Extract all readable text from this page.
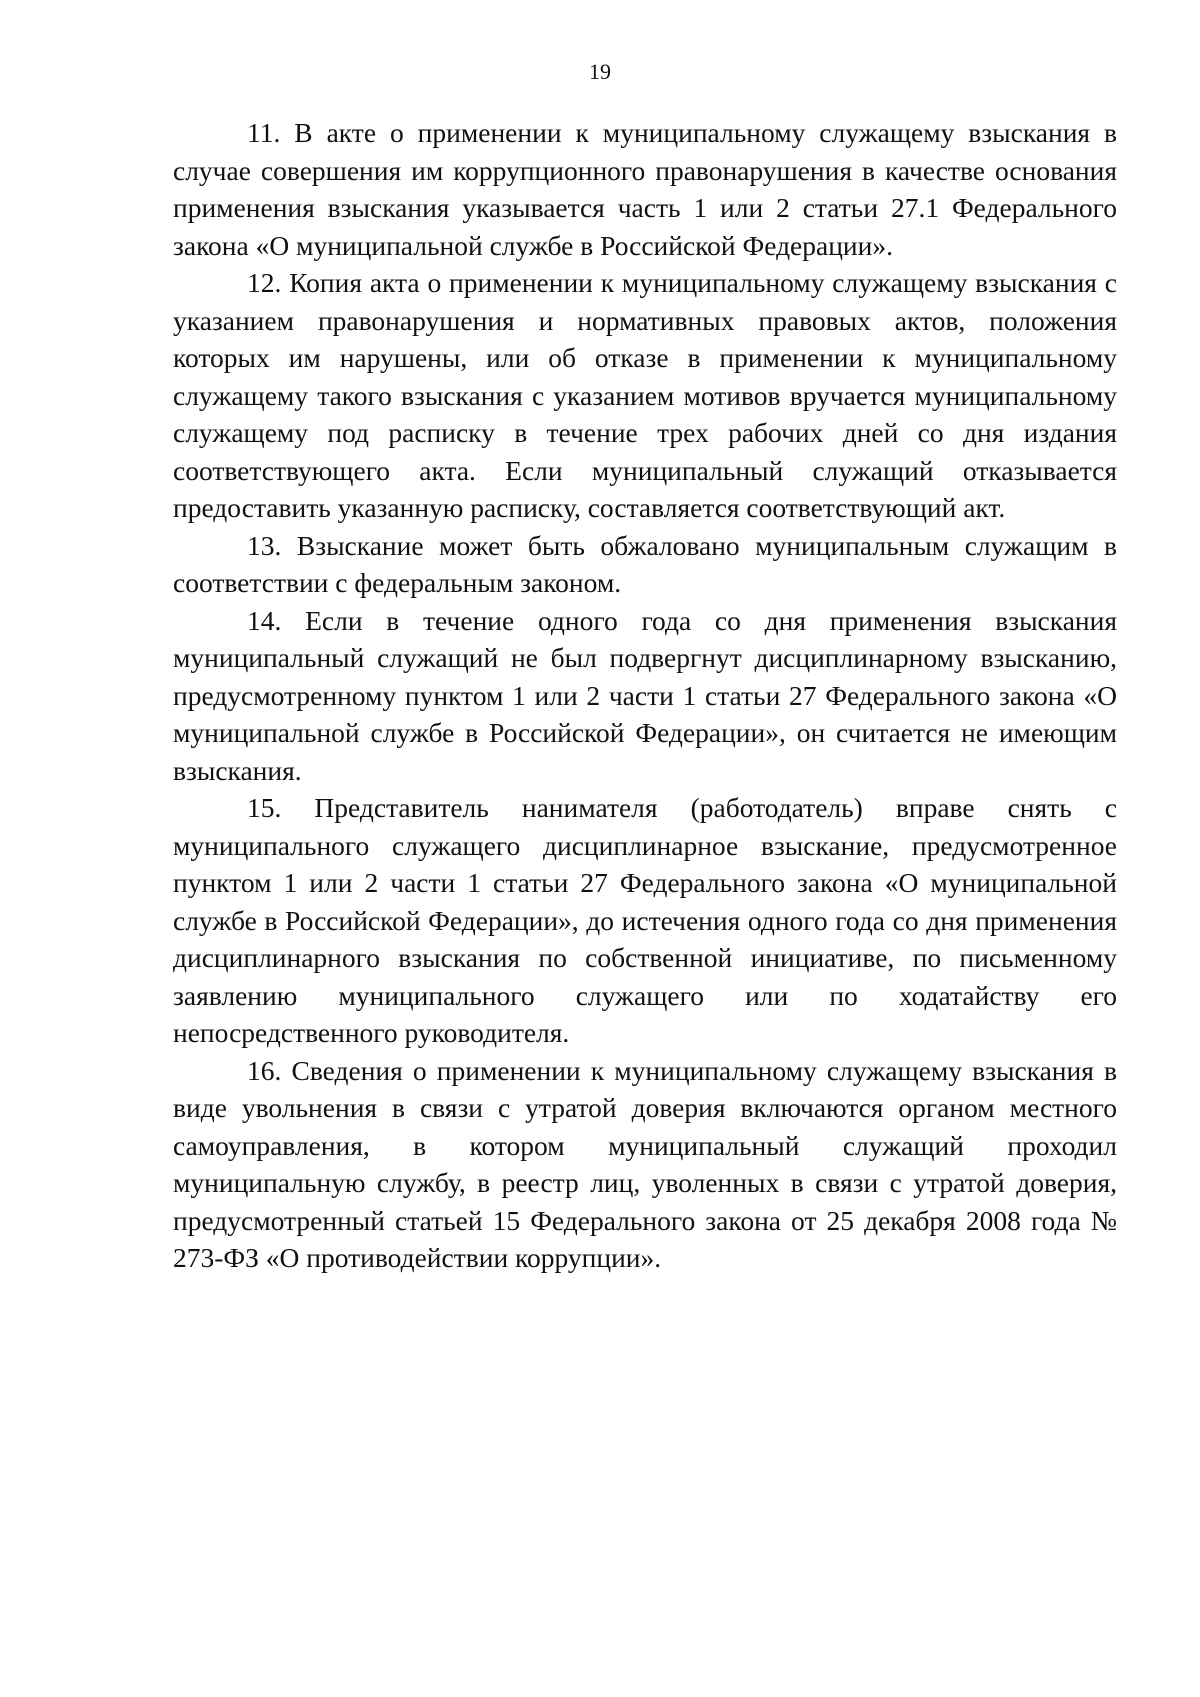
19

11. В акте о применении к муниципальному служащему взыскания в случае совершения им коррупционного правонарушения в качестве основания применения взыскания указывается часть 1 или 2 статьи 27.1 Федерального закона «О муниципальной службе в Российской Федерации».

12. Копия акта о применении к муниципальному служащему взыскания с указанием правонарушения и нормативных правовых актов, положения которых им нарушены, или об отказе в применении к муниципальному служащему такого взыскания с указанием мотивов вручается муниципальному служащему под расписку в течение трех рабочих дней со дня издания соответствующего акта. Если муниципальный служащий отказывается предоставить указанную расписку, составляется соответствующий акт.

13. Взыскание может быть обжаловано муниципальным служащим в соответствии с федеральным законом.

14. Если в течение одного года со дня применения взыскания муниципальный служащий не был подвергнут дисциплинарному взысканию, предусмотренному пунктом 1 или 2 части 1 статьи 27 Федерального закона «О муниципальной службе в Российской Федерации», он считается не имеющим взыскания.

15. Представитель нанимателя (работодатель) вправе снять с муниципального служащего дисциплинарное взыскание, предусмотренное пунктом 1 или 2 части 1 статьи 27 Федерального закона «О муниципальной службе в Российской Федерации», до истечения одного года со дня применения дисциплинарного взыскания по собственной инициативе, по письменному заявлению муниципального служащего или по ходатайству его непосредственного руководителя.

16. Сведения о применении к муниципальному служащему взыскания в виде увольнения в связи с утратой доверия включаются органом местного самоуправления, в котором муниципальный служащий проходил муниципальную службу, в реестр лиц, уволенных в связи с утратой доверия, предусмотренный статьей 15 Федерального закона от 25 декабря 2008 года № 273-ФЗ «О противодействии коррупции».
